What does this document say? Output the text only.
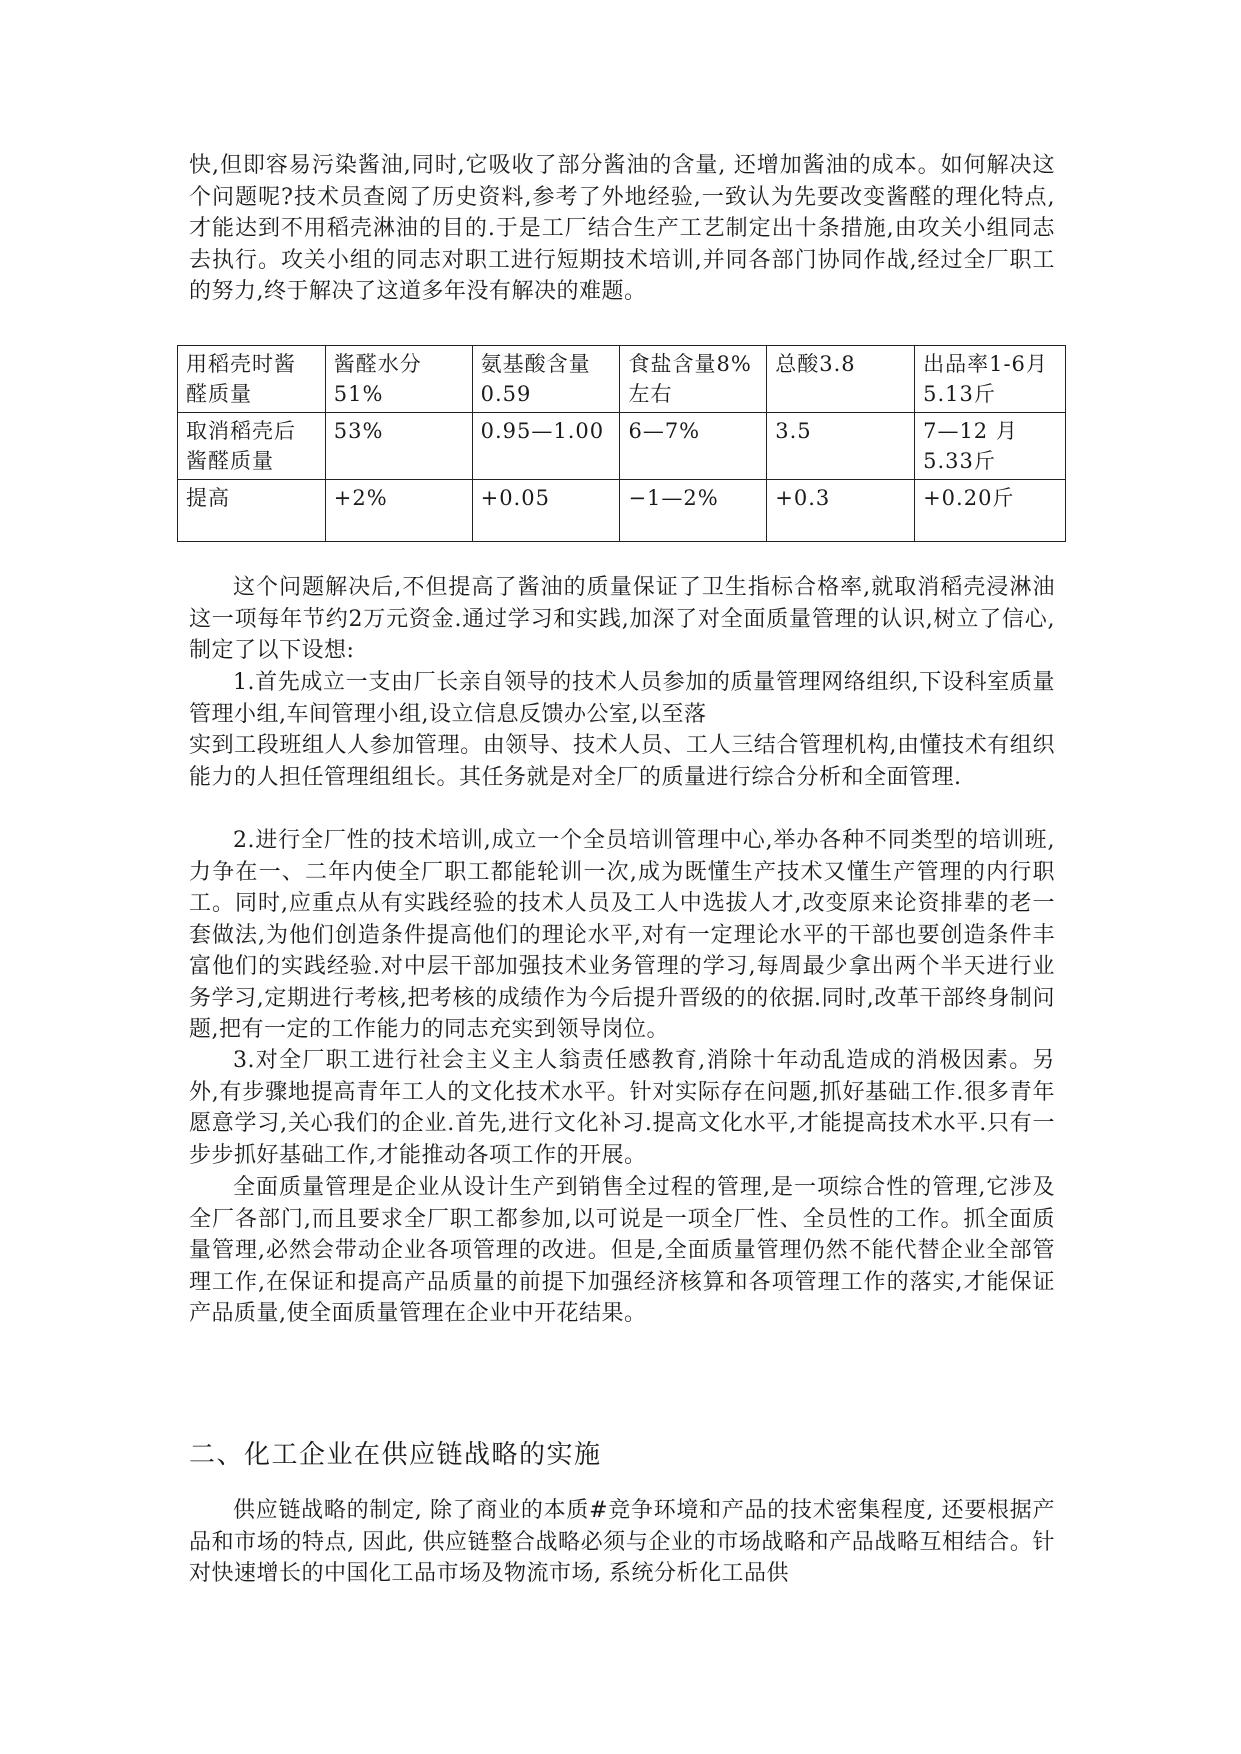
快,但即容易污染酱油,同时,它吸收了部分酱油的含量, 还增加酱油的成本。如何解决这个问题呢?技术员查阅了历史资料,参考了外地经验,一致认为先要改变酱醛的理化特点,才能达到不用稻壳淋油的目的.于是工厂结合生产工艺制定出十条措施,由攻关小组同志去执行。攻关小组的同志对职工进行短期技术培训,并同各部门协同作战,经过全厂职工的努力,终于解决了这道多年没有解决的难题。

用稻壳时酱醛质量	酱醛水分51%	氨基酸含量0.59	食盐含量8%左右	总酸3.8	出品率1-6月 5.13斤
取消稻壳后酱醛质量	53%	0.95—1.00	6—7%	3.5	7—12 月5.33斤
提高	+2%	+0.05	−1—2%	+0.3	+0.20斤

这个问题解决后,不但提高了酱油的质量保证了卫生指标合格率,就取消稻壳浸淋油这一项每年节约2万元资金.通过学习和实践,加深了对全面质量管理的认识,树立了信心,制定了以下设想:

1.首先成立一支由厂长亲自领导的技术人员参加的质量管理网络组织,下设科室质量管理小组,车间管理小组,设立信息反馈办公室,以至落

实到工段班组人人参加管理。由领导、技术人员、工人三结合管理机构,由懂技术有组织能力的人担任管理组组长。其任务就是对全厂的质量进行综合分析和全面管理.

2.进行全厂性的技术培训,成立一个全员培训管理中心,举办各种不同类型的培训班,力争在一、二年内使全厂职工都能轮训一次,成为既懂生产技术又懂生产管理的内行职工。同时,应重点从有实践经验的技术人员及工人中选拔人才,改变原来论资排辈的老一套做法,为他们创造条件提高他们的理论水平,对有一定理论水平的干部也要创造条件丰富他们的实践经验.对中层干部加强技术业务管理的学习,每周最少拿出两个半天进行业务学习,定期进行考核,把考核的成绩作为今后提升晋级的的依据.同时,改革干部终身制问题,把有一定的工作能力的同志充实到领导岗位。

3.对全厂职工进行社会主义主人翁责任感教育,消除十年动乱造成的消极因素。另外,有步骤地提高青年工人的文化技术水平。针对实际存在问题,抓好基础工作.很多青年愿意学习,关心我们的企业.首先,进行文化补习.提高文化水平,才能提高技术水平.只有一步步抓好基础工作,才能推动各项工作的开展。

全面质量管理是企业从设计生产到销售全过程的管理,是一项综合性的管理,它涉及全厂各部门,而且要求全厂职工都参加,以可说是一项全厂性、全员性的工作。抓全面质量管理,必然会带动企业各项管理的改进。但是,全面质量管理仍然不能代替企业全部管理工作,在保证和提高产品质量的前提下加强经济核算和各项管理工作的落实,才能保证产品质量,使全面质量管理在企业中开花结果。

二、化工企业在供应链战略的实施

供应链战略的制定, 除了商业的本质#竞争环境和产品的技术密集程度, 还要根据产品和市场的特点, 因此, 供应链整合战略必须与企业的市场战略和产品战略互相结合。针对快速增长的中国化工品市场及物流市场, 系统分析化工品供
